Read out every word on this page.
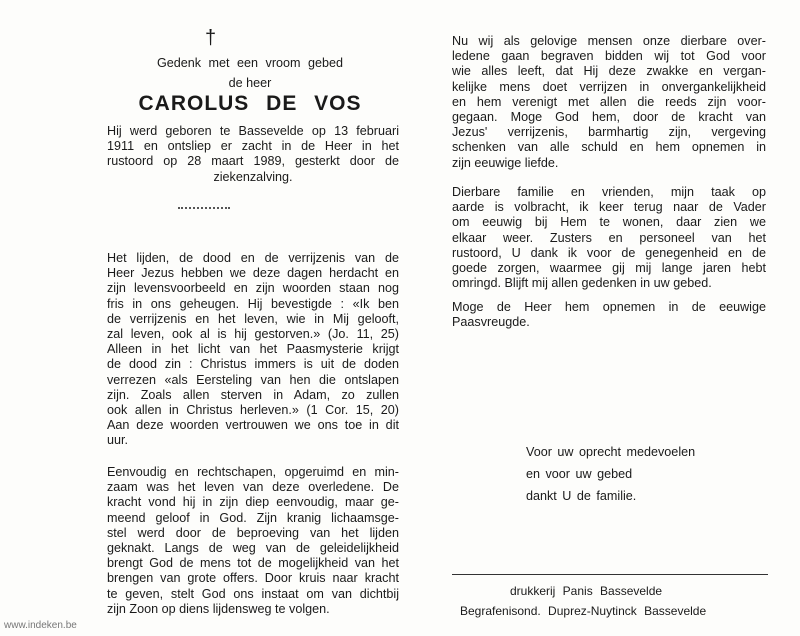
†

Gedenk met een vroom gebed

de heer

CAROLUS DE VOS

Hij werd geboren te Bassevelde op 13 februari
1911 en ontsliep er zacht in de Heer in het
rustoord op 28 maart 1989, gesterkt door de
ziekenzalving.
Het lijden, de dood en de verrijzenis van de
Heer Jezus hebben we deze dagen herdacht en
zijn levensvoorbeeld en zijn woorden staan nog
fris in ons geheugen. Hij bevestigde : «Ik ben
de verrijzenis en het leven, wie in Mij gelooft,
zal leven, ook al is hij gestorven.» (Jo. 11, 25)
Alleen in het licht van het Paasmysterie krijgt
de dood zin : Christus immers is uit de doden
verrezen «als Eersteling van hen die ontslapen
zijn. Zoals allen sterven in Adam, zo zullen
ook allen in Christus herleven.» (1 Cor. 15, 20)
Aan deze woorden vertrouwen we ons toe in dit
uur.
Eenvoudig en rechtschapen, opgeruimd en min-
zaam was het leven van deze overledene. De
kracht vond hij in zijn diep eenvoudig, maar ge-
meend geloof in God. Zijn kranig lichaamsge-
stel werd door de beproeving van het lijden
geknakt. Langs de weg van de geleidelijkheid
brengt God de mens tot de mogelijkheid van het
brengen van grote offers. Door kruis naar kracht
te geven, stelt God ons instaat om van dichtbij
zijn Zoon op diens lijdensweg te volgen.
Nu wij als gelovige mensen onze dierbare over-
ledene gaan begraven bidden wij tot God voor
wie alles leeft, dat Hij deze zwakke en vergan-
kelijke mens doet verrijzen in onvergankelijkheid
en hem verenigt met allen die reeds zijn voor-
gegaan. Moge God hem, door de kracht van
Jezus' verrijzenis, barmhartig zijn, vergeving
schenken van alle schuld en hem opnemen in
zijn eeuwige liefde.
Dierbare familie en vrienden, mijn taak op
aarde is volbracht, ik keer terug naar de Vader
om eeuwig bij Hem te wonen, daar zien we
elkaar weer. Zusters en personeel van het
rustoord, U dank ik voor de genegenheid en de
goede zorgen, waarmee gij mij lange jaren hebt
omringd. Blijft mij allen gedenken in uw gebed.
Moge de Heer hem opnemen in de eeuwige
Paasvreugde.
Voor uw oprecht medevoelen
en voor uw gebed
dankt U de familie.
drukkerij Panis Bassevelde
Begrafenisond. Duprez-Nuytinck Bassevelde
www.indeken.be
